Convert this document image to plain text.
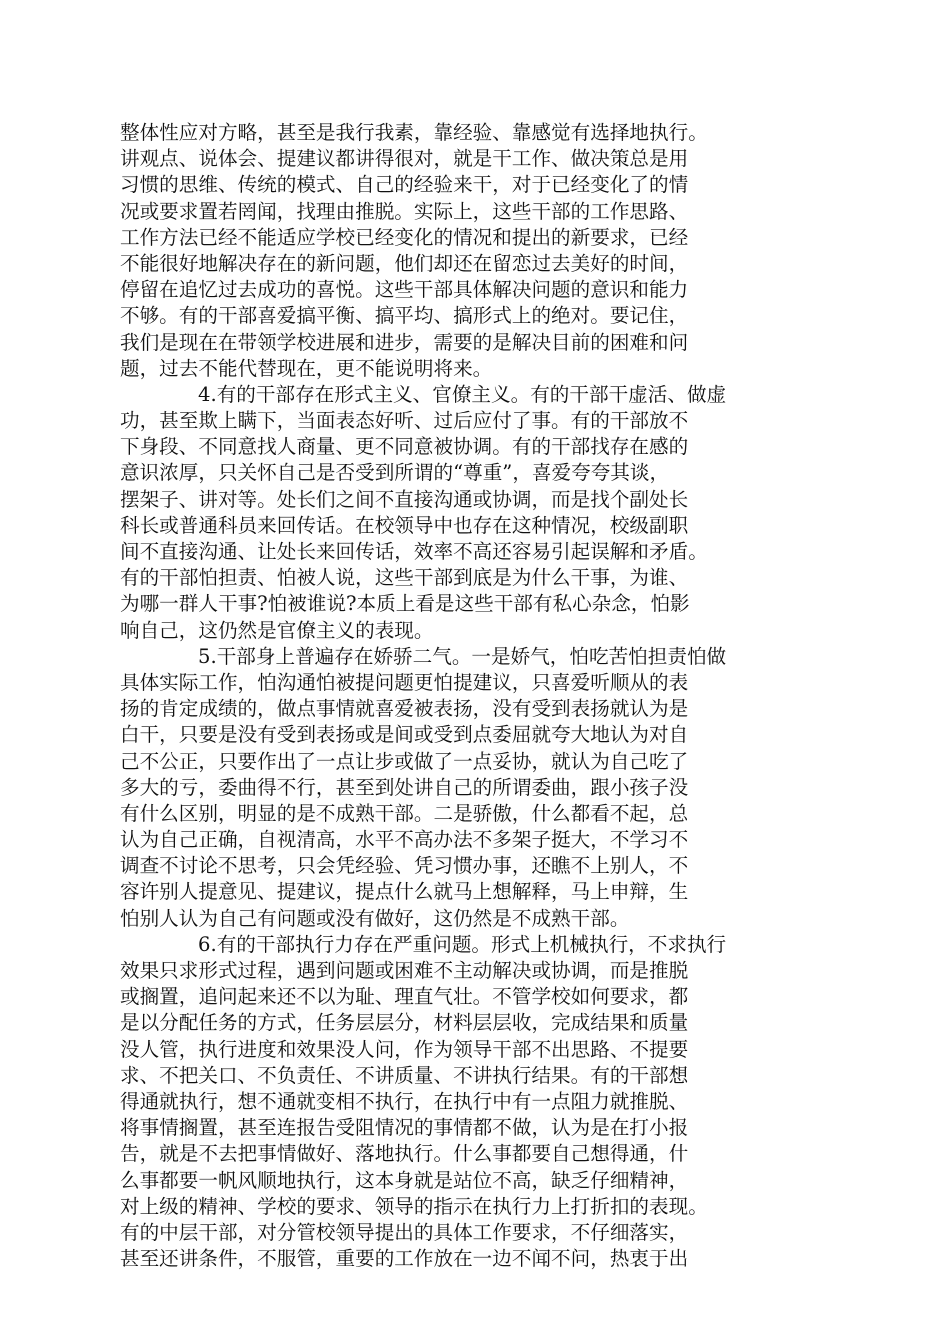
整体性应对方略，甚至是我行我素，靠经验、靠感觉有选择地执行。
讲观点、说体会、提建议都讲得很对，就是干工作、做决策总是用
习惯的思维、传统的模式、自己的经验来干，对于已经变化了的情
况或要求置若罔闻，找理由推脱。实际上，这些干部的工作思路、
工作方法已经不能适应学校已经变化的情况和提出的新要求，已经
不能很好地解决存在的新问题，他们却还在留恋过去美好的时间，
停留在追忆过去成功的喜悦。这些干部具体解决问题的意识和能力
不够。有的干部喜爱搞平衡、搞平均、搞形式上的绝对。要记住，
我们是现在在带领学校进展和进步，需要的是解决目前的困难和问
题，过去不能代替现在，更不能说明将来。
4.有的干部存在形式主义、官僚主义。有的干部干虚活、做虚
功，甚至欺上瞒下，当面表态好听、过后应付了事。有的干部放不
下身段、不同意找人商量、更不同意被协调。有的干部找存在感的
意识浓厚，只关怀自己是否受到所谓的“尊重”，喜爱夸夸其谈，
摆架子、讲对等。处长们之间不直接沟通或协调，而是找个副处长
科长或普通科员来回传话。在校领导中也存在这种情况，校级副职
间不直接沟通、让处长来回传话，效率不高还容易引起误解和矛盾。
有的干部怕担责、怕被人说，这些干部到底是为什么干事，为谁、
为哪一群人干事?怕被谁说?本质上看是这些干部有私心杂念，怕影
响自己，这仍然是官僚主义的表现。
5.干部身上普遍存在娇骄二气。一是娇气，怕吃苦怕担责怕做
具体实际工作，怕沟通怕被提问题更怕提建议，只喜爱听顺从的表
扬的肯定成绩的，做点事情就喜爱被表扬，没有受到表扬就认为是
白干，只要是没有受到表扬或是间或受到点委屈就夸大地认为对自
己不公正，只要作出了一点让步或做了一点妥协，就认为自己吃了
多大的亏，委曲得不行，甚至到处讲自己的所谓委曲，跟小孩子没
有什么区别，明显的是不成熟干部。二是骄傲，什么都看不起，总
认为自己正确，自视清高，水平不高办法不多架子挺大，不学习不
调查不讨论不思考，只会凭经验、凭习惯办事，还瞧不上别人，不
容许别人提意见、提建议，提点什么就马上想解释，马上申辩，生
怕别人认为自己有问题或没有做好，这仍然是不成熟干部。
6.有的干部执行力存在严重问题。形式上机械执行，不求执行
效果只求形式过程，遇到问题或困难不主动解决或协调，而是推脱
或搁置，追问起来还不以为耻、理直气壮。不管学校如何要求，都
是以分配任务的方式，任务层层分，材料层层收，完成结果和质量
没人管，执行进度和效果没人问，作为领导干部不出思路、不提要
求、不把关口、不负责任、不讲质量、不讲执行结果。有的干部想
得通就执行，想不通就变相不执行，在执行中有一点阻力就推脱、
将事情搁置，甚至连报告受阻情况的事情都不做，认为是在打小报
告，就是不去把事情做好、落地执行。什么事都要自己想得通，什
么事都要一帆风顺地执行，这本身就是站位不高，缺乏仔细精神，
对上级的精神、学校的要求、领导的指示在执行力上打折扣的表现。
有的中层干部，对分管校领导提出的具体工作要求，不仔细落实，
甚至还讲条件，不服管，重要的工作放在一边不闻不问，热衷于出
